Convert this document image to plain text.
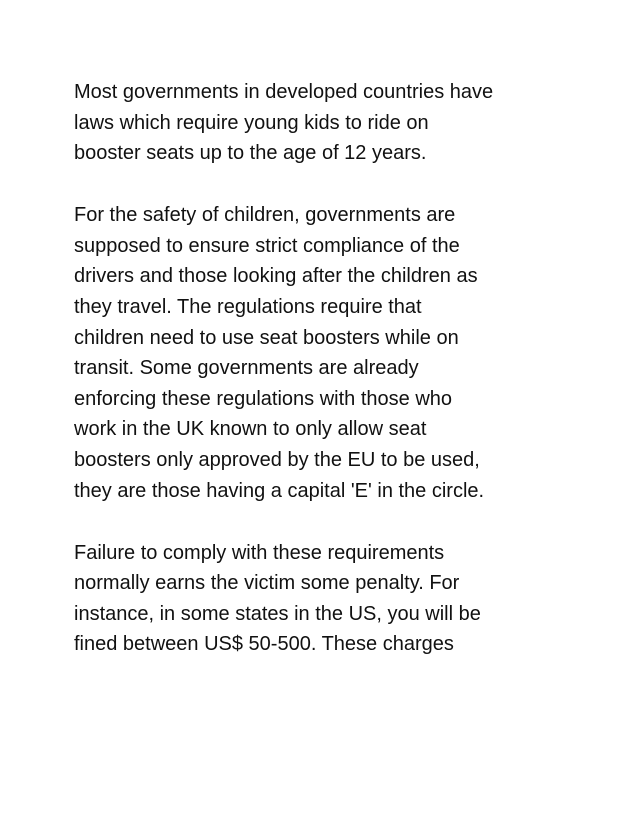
Most governments in developed countries have
laws which require young kids to ride on
booster seats up to the age of 12 years.

For the safety of children, governments are
supposed to ensure strict compliance of the
drivers and those looking after the children as
they travel. The regulations require that
children need to use seat boosters while on
transit. Some governments are already
enforcing these regulations with those who
work in the UK known to only allow seat
boosters only approved by the EU to be used,
they are those having a capital 'E' in the circle.

Failure to comply with these requirements
normally earns the victim some penalty. For
instance, in some states in the US, you will be
fined between US$ 50-500. These charges
